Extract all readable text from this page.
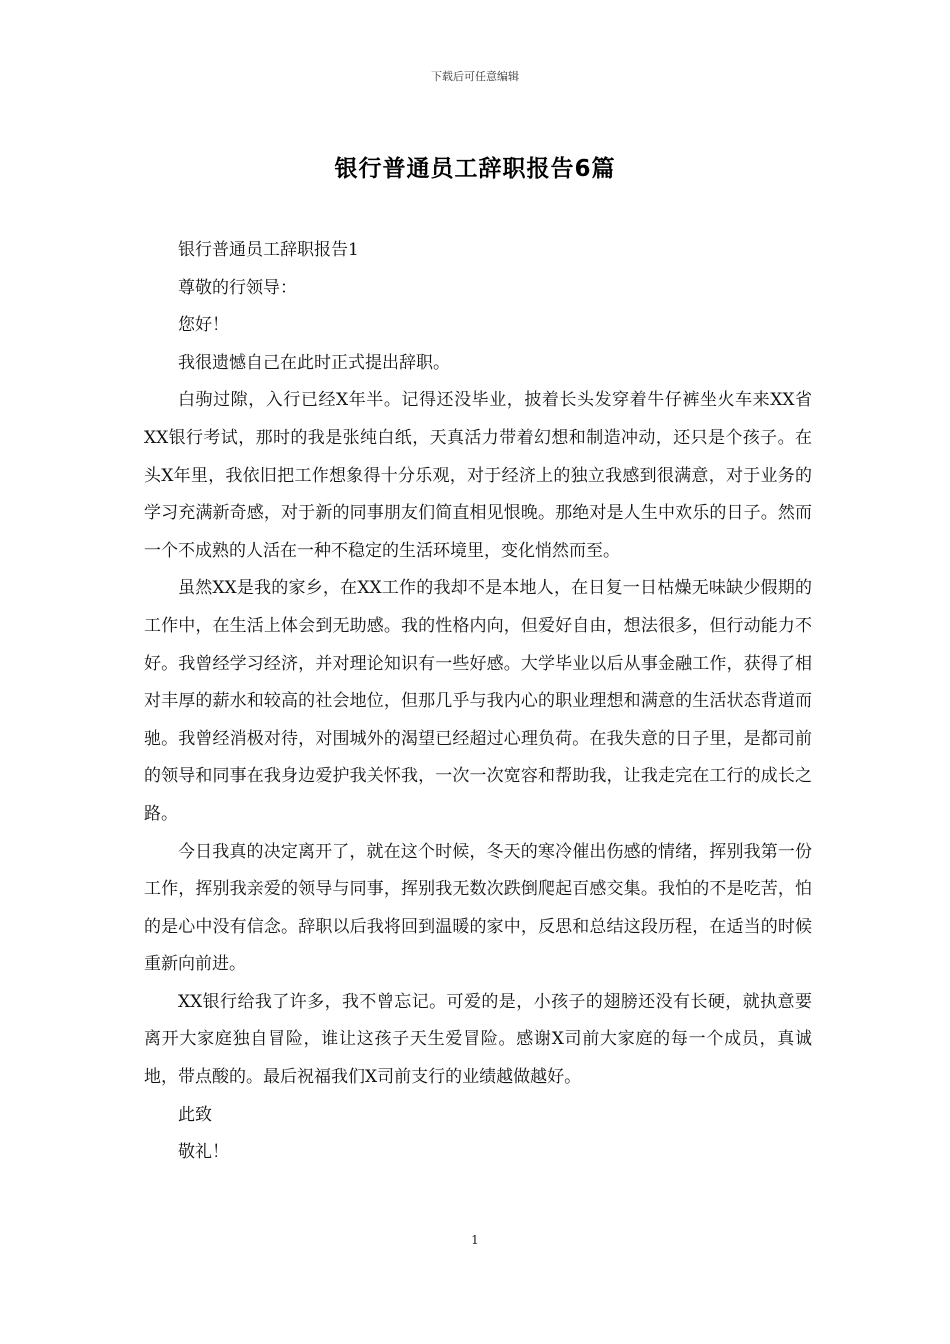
下载后可任意编辑
银行普通员工辞职报告6篇

银行普通员工辞职报告1

尊敬的行领导：

您好！

我很遗憾自己在此时正式提出辞职。

白驹过隙，入行已经X年半。记得还没毕业，披着长头发穿着牛仔裤坐火车来XX省XX银行考试，那时的我是张纯白纸，天真活力带着幻想和制造冲动，还只是个孩子。在头X年里，我依旧把工作想象得十分乐观，对于经济上的独立我感到很满意，对于业务的学习充满新奇感，对于新的同事朋友们简直相见恨晚。那绝对是人生中欢乐的日子。然而一个不成熟的人活在一种不稳定的生活环境里，变化悄然而至。

虽然XX是我的家乡，在XX工作的我却不是本地人，在日复一日枯燥无味缺少假期的工作中，在生活上体会到无助感。我的性格内向，但爱好自由，想法很多，但行动能力不好。我曾经学习经济，并对理论知识有一些好感。大学毕业以后从事金融工作，获得了相对丰厚的薪水和较高的社会地位，但那几乎与我内心的职业理想和满意的生活状态背道而驰。我曾经消极对待，对围城外的渴望已经超过心理负荷。在我失意的日子里，是都司前的领导和同事在我身边爱护我关怀我，一次一次宽容和帮助我，让我走完在工行的成长之路。

今日我真的决定离开了，就在这个时候，冬天的寒冷催出伤感的情绪，挥别我第一份工作，挥别我亲爱的领导与同事，挥别我无数次跌倒爬起百感交集。我怕的不是吃苦，怕的是心中没有信念。辞职以后我将回到温暖的家中，反思和总结这段历程，在适当的时候重新向前进。

XX银行给我了许多，我不曾忘记。可爱的是，小孩子的翅膀还没有长硬，就执意要离开大家庭独自冒险，谁让这孩子天生爱冒险。感谢X司前大家庭的每一个成员，真诚地，带点酸的。最后祝福我们X司前支行的业绩越做越好。

此致

敬礼！

1
